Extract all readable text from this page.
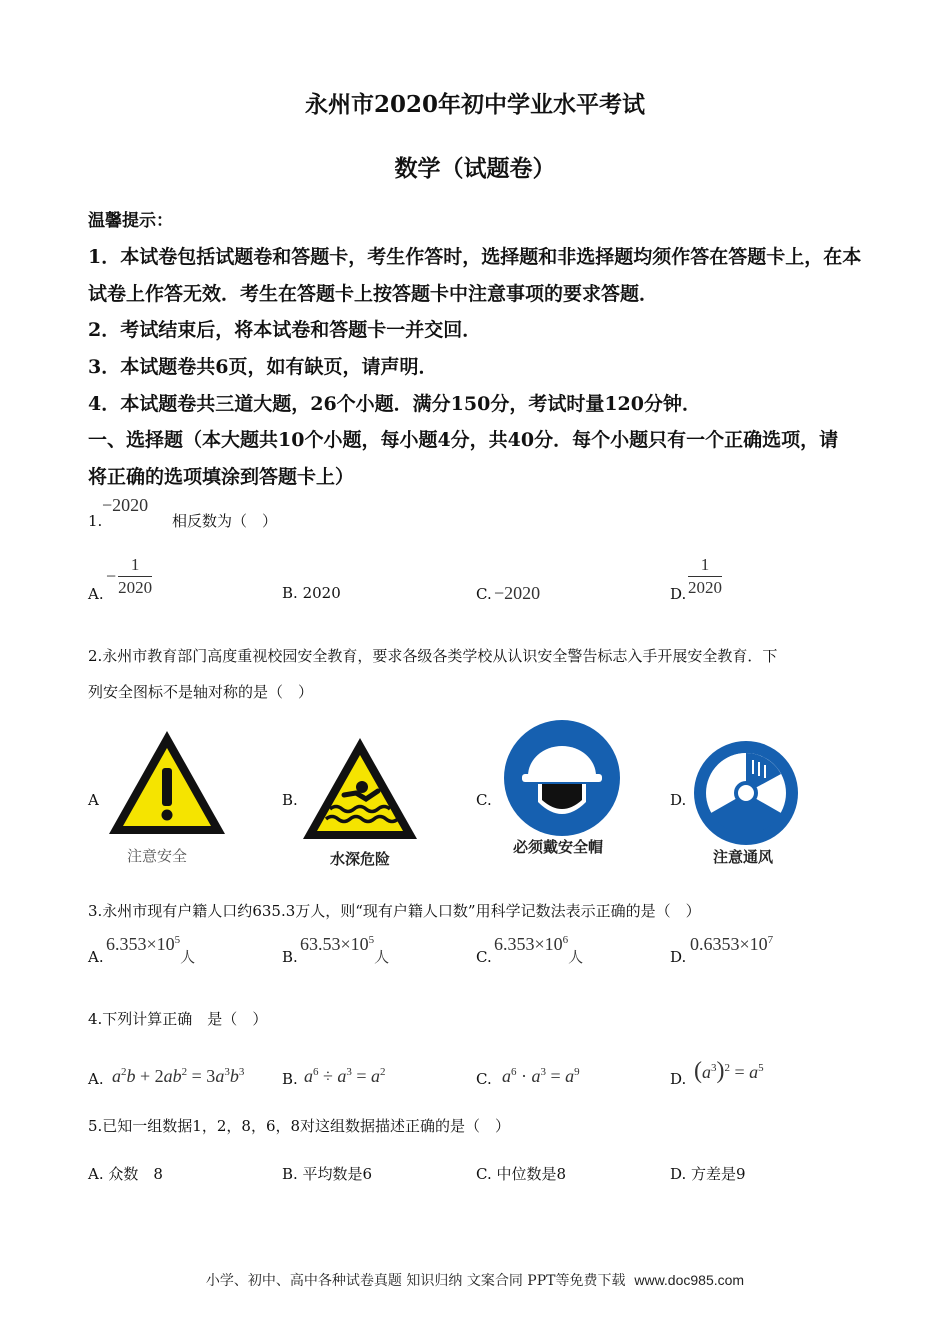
永州市2020年初中学业水平考试
数学（试题卷）
温馨提示：
1．本试卷包括试题卷和答题卡，考生作答时，选择题和非选择题均须作答在答题卡上，在本
试卷上作答无效．考生在答题卡上按答题卡中注意事项的要求答题．
2．考试结束后，将本试卷和答题卡一并交回．
3．本试题卷共6页，如有缺页，请声明．
4．本试题卷共三道大题，26个小题．满分150分，考试时量120分钟．
一、选择题（本大题共10个小题，每小题4分，共40分．每个小题只有一个正确选项，请
将正确的选项填涂到答题卡上）
1.
−2020
相反数为（　）
A.
− $\frac{1}{2020}$	B. 2020	C. −2020	D. $\frac{1}{2020}$
2.永州市教育部门高度重视校园安全教育，要求各级各类学校从认识安全警告标志入手开展安全教育．下
列安全图标不是轴对称的是（　）
A
注意安全
B.
水深危险
C.
必须戴安全帽
D.
注意通风
3.永州市现有户籍人口约635.3万人，则“现有户籍人口数”用科学记数法表示正确的是（　）
A.
$6.353\times 10^5_人$	B.
$63.53\times 10^5_人$	C.
$6.353\times 10^6_人$	D.
$0.6353\times 10^7$
4.下列计算正确　是（　）
A. $a^2b + 2ab^2 = 3a^3b^3$	B. $a^6 \div a^3 = a^2$	C. $a^6 \cdot a^3 = a^9$	D. $(a^3)^2 = a^5$
5.已知一组数据1，2，8，6，8对这组数据描述正确的是（　）
A. 众数　8	B. 平均数是6	C. 中位数是8	D. 方差是9
小学、初中、高中各种试卷真题 知识归纳 文案合同 PPT等免费下载 www.doc985.com
